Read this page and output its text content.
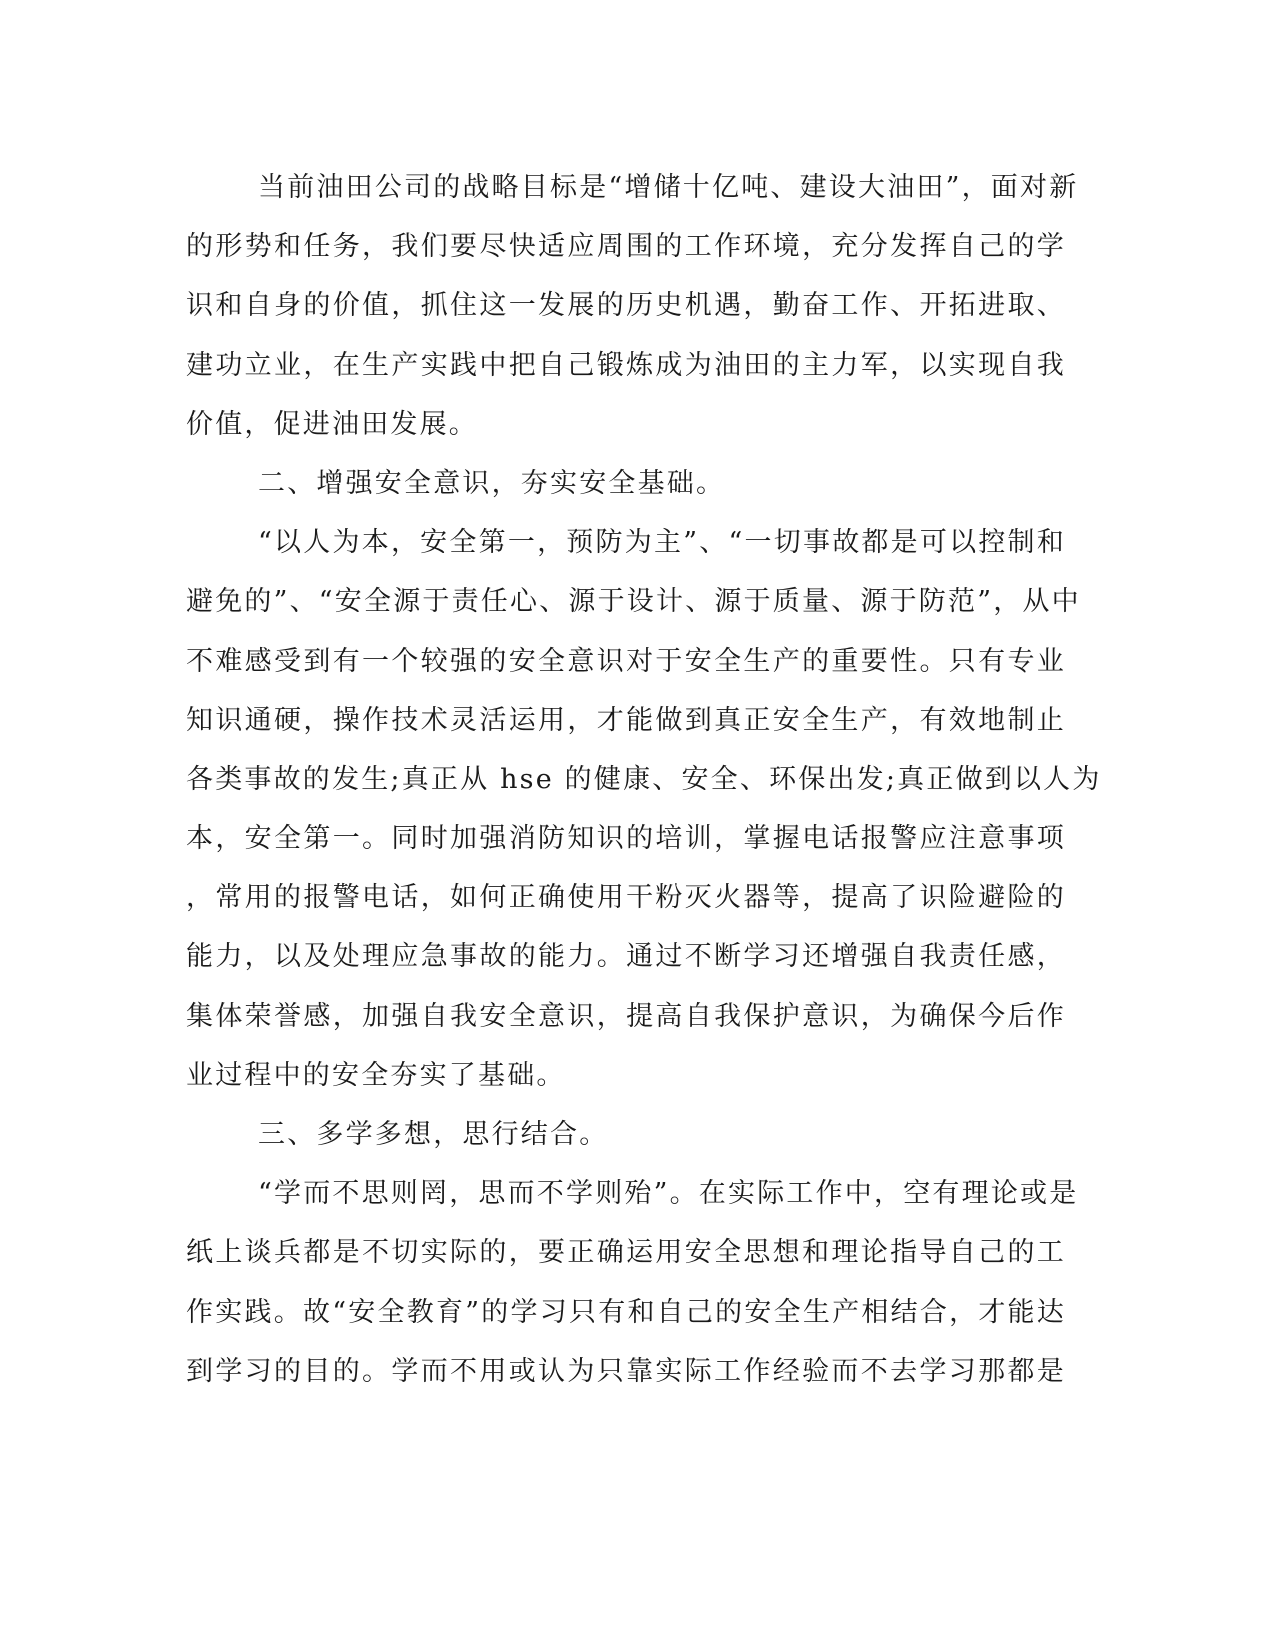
当前油田公司的战略目标是“增储十亿吨、建设大油田”，面对新
的形势和任务，我们要尽快适应周围的工作环境，充分发挥自己的学
识和自身的价值，抓住这一发展的历史机遇，勤奋工作、开拓进取、
建功立业，在生产实践中把自己锻炼成为油田的主力军，以实现自我
价值，促进油田发展。
二、增强安全意识，夯实安全基础。
“以人为本，安全第一，预防为主”、“一切事故都是可以控制和
避免的”、“安全源于责任心、源于设计、源于质量、源于防范”，从中
不难感受到有一个较强的安全意识对于安全生产的重要性。只有专业
知识通硬，操作技术灵活运用，才能做到真正安全生产，有效地制止
各类事故的发生;真正从 hse 的健康、安全、环保出发;真正做到以人为
本，安全第一。同时加强消防知识的培训，掌握电话报警应注意事项
，常用的报警电话，如何正确使用干粉灭火器等，提高了识险避险的
能力，以及处理应急事故的能力。通过不断学习还增强自我责任感，
集体荣誉感，加强自我安全意识，提高自我保护意识，为确保今后作
业过程中的安全夯实了基础。
三、多学多想，思行结合。
“学而不思则罔，思而不学则殆”。在实际工作中，空有理论或是
纸上谈兵都是不切实际的，要正确运用安全思想和理论指导自己的工
作实践。故“安全教育”的学习只有和自己的安全生产相结合，才能达
到学习的目的。学而不用或认为只靠实际工作经验而不去学习那都是
